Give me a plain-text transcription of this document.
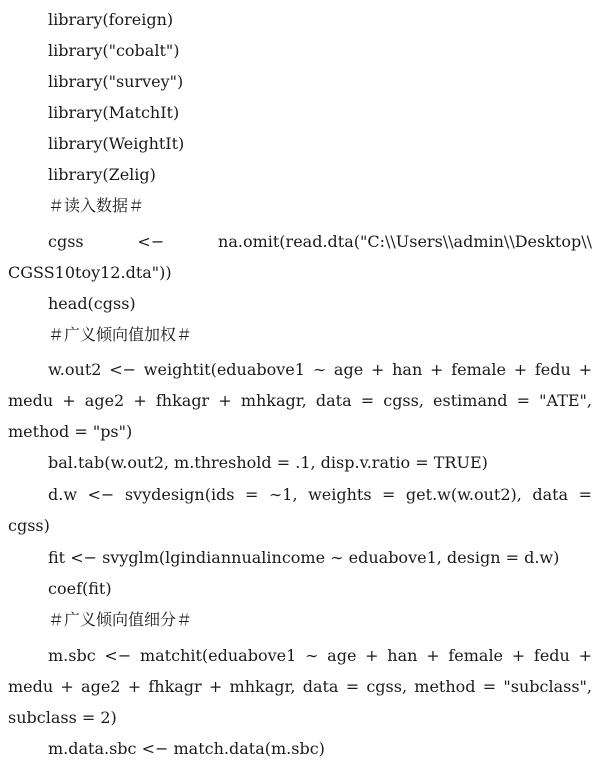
library(foreign)
library("cobalt")
library("survey")
library(MatchIt)
library(WeightIt)
library(Zelig)
＃读入数据＃
cgss <− na.omit(read.dta("C:\\Users\\admin\\Desktop\\
CGSS10toy12.dta"))
head(cgss)
＃广义倾向值加权＃
w.out2 <− weightit(eduabove1 ∼ age + han + female + fedu +
medu + age2 + fhkagr + mhkagr, data = cgss, estimand = "ATE",
method = "ps")
bal.tab(w.out2, m.threshold = .1, disp.v.ratio = TRUE)
d.w <− svydesign(ids = ∼1, weights = get.w(w.out2), data =
cgss)
fit <− svyglm(lgindiannualincome ∼ eduabove1, design = d.w)
coef(fit)
＃广义倾向值细分＃
m.sbc <− matchit(eduabove1 ∼ age + han + female + fedu +
medu + age2 + fhkagr + mhkagr, data = cgss, method = "subclass",
subclass = 2)
m.data.sbc <− match.data(m.sbc)
